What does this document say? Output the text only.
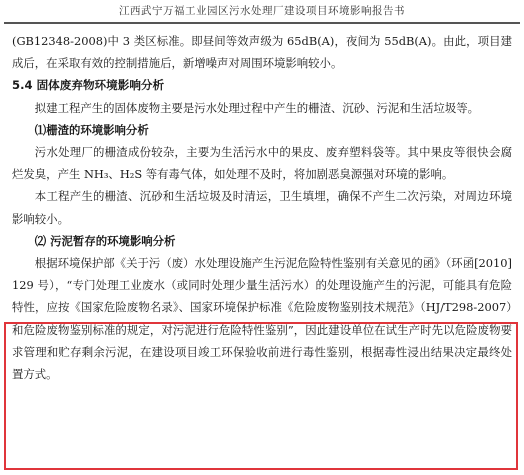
江西武宁万福工业园区污水处理厂建设项目环境影响报告书

(GB12348-2008)中 3 类区标准。即昼间等效声级为 65dB(A)，夜间为 55dB(A)。由此，项目建成后，在采取有效的控制措施后，新增噪声对周围环境影响较小。

5.4 固体废弃物环境影响分析

拟建工程产生的固体废物主要是污水处理过程中产生的栅渣、沉砂、污泥和生活垃圾等。

⑴栅渣的环境影响分析

污水处理厂的栅渣成份较杂，主要为生活污水中的果皮、废弃塑料袋等。其中果皮等很快会腐烂发臭，产生 NH₃、H₂S 等有毒气体，如处理不及时，将加剧恶臭源强对环境的影响。

本工程产生的栅渣、沉砂和生活垃圾及时清运，卫生填埋，确保不产生二次污染，对周边环境影响较小。

⑵ 污泥暂存的环境影响分析

根据环境保护部《关于污（废）水处理设施产生污泥危险特性鉴别有关意见的函》（环函[2010]129 号），“专门处理工业废水（或同时处理少量生活污水）的处理设施产生的污泥，可能具有危险特性，应按《国家危险废物名录》、国家环境保护标准《危险废物鉴别技术规范》（HJ/T298-2007）和危险废物鉴别标准的规定，对污泥进行危险特性鉴别”，因此建设单位在试生产时先以危险废物要求管理和贮存剩余污泥，在建设项目竣工环保验收前进行毒性鉴别，根据毒性浸出结果决定最终处置方式。
